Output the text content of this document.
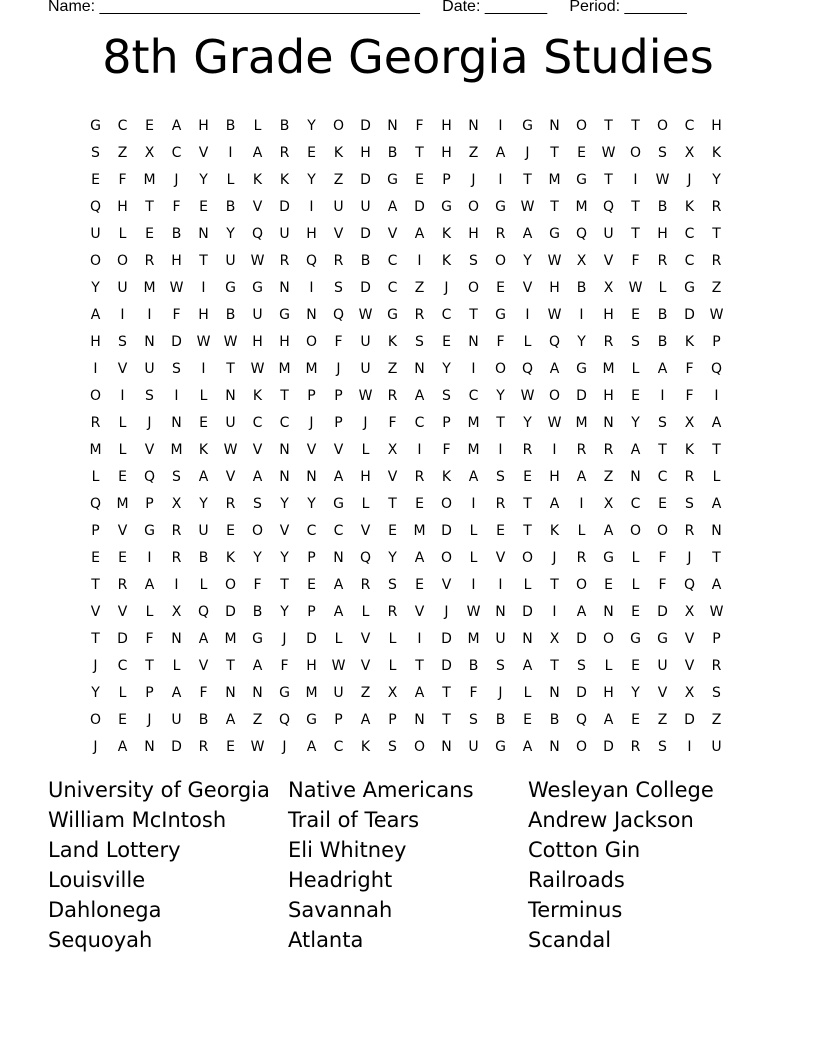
Name: ____________________________________     Date: _______     Period: _______
8th Grade Georgia Studies
G	C	E	A	H	B	L	B	Y	O	D	N	F	H	N	I	G	N	O	T	T	O	C	H
S	Z	X	C	V	I	A	R	E	K	H	B	T	H	Z	A	J	T	E	W	O	S	X	K
E	F	M	J	Y	L	K	K	Y	Z	D	G	E	P	J	I	T	M	G	T	I	W	J	Y
Q	H	T	F	E	B	V	D	I	U	U	A	D	G	O	G	W	T	M	Q	T	B	K	R
U	L	E	B	N	Y	Q	U	H	V	D	V	A	K	H	R	A	G	Q	U	T	H	C	T
O	O	R	H	T	U	W	R	Q	R	B	C	I	K	S	O	Y	W	X	V	F	R	C	R
Y	U	M	W	I	G	G	N	I	S	D	C	Z	J	O	E	V	H	B	X	W	L	G	Z
A	I	I	F	H	B	U	G	N	Q	W	G	R	C	T	G	I	W	I	H	E	B	D	W
H	S	N	D	W W	H	H	O	F	U	K	S	E	N	F	L	Q	Y	R	S	B	K	P
I	V	U	S	I	T	W	M	M	J	U	Z	N	Y	I	O	Q	A	G	M	L	A	F	Q
O	I	S	I	L	N	K	T	P	P	W	R	A	S	C	Y	W	O	D	H	E	I	F	I
R	L	J	N	E	U	C	C	J	P	J	F	C	P	M	T	Y	W	M	N	Y	S	X	A
M	L	V	M	K	W	V	N	V	V	L	X	I	F	M	I	R	I	R	R	A	T	K	T
L	E	Q	S	A	V	A	N	N	A	H	V	R	K	A	S	E	H	A	Z	N	C	R	L
Q	M	P	X	Y	R	S	Y	Y	G	L	T	E	O	I	R	T	A	I	X	C	E	S	A
P	V	G	R	U	E	O	V	C	C	V	E	M	D	L	E	T	K	L	A	O	O	R	N
E	E	I	R	B	K	Y	Y	P	N	Q	Y	A	O	L	V	O	J	R	G	L	F	J	T
T	R	A	I	L	O	F	T	E	A	R	S	E	V	I	I	L	T	O	E	L	F	Q	A
V	V	L	X	Q	D	B	Y	P	A	L	R	V	J	W	N	D	I	A	N	E	D	X	W
T	D	F	N	A	M	G	J	D	L	V	L	I	D	M	U	N	X	D	O	G	G	V	P
J	C	T	L	V	T	A	F	H	W	V	L	T	D	B	S	A	T	S	L	E	U	V	R
Y	L	P	A	F	N	N	G	M	U	Z	X	A	T	F	J	L	N	D	H	Y	V	X	S
O	E	J	U	B	A	Z	Q	G	P	A	P	N	T	S	B	E	B	Q	A	E	Z	D	Z
J	A	N	D	R	E	W	J	A	C	K	S	O	N	U	G	A	N	O	D	R	S	I	U
University of Georgia
William McIntosh
Land Lottery
Louisville
Dahlonega
Sequoyah
Native Americans
Trail of Tears
Eli Whitney
Headright
Savannah
Atlanta
Wesleyan College
Andrew Jackson
Cotton Gin
Railroads
Terminus
Scandal
